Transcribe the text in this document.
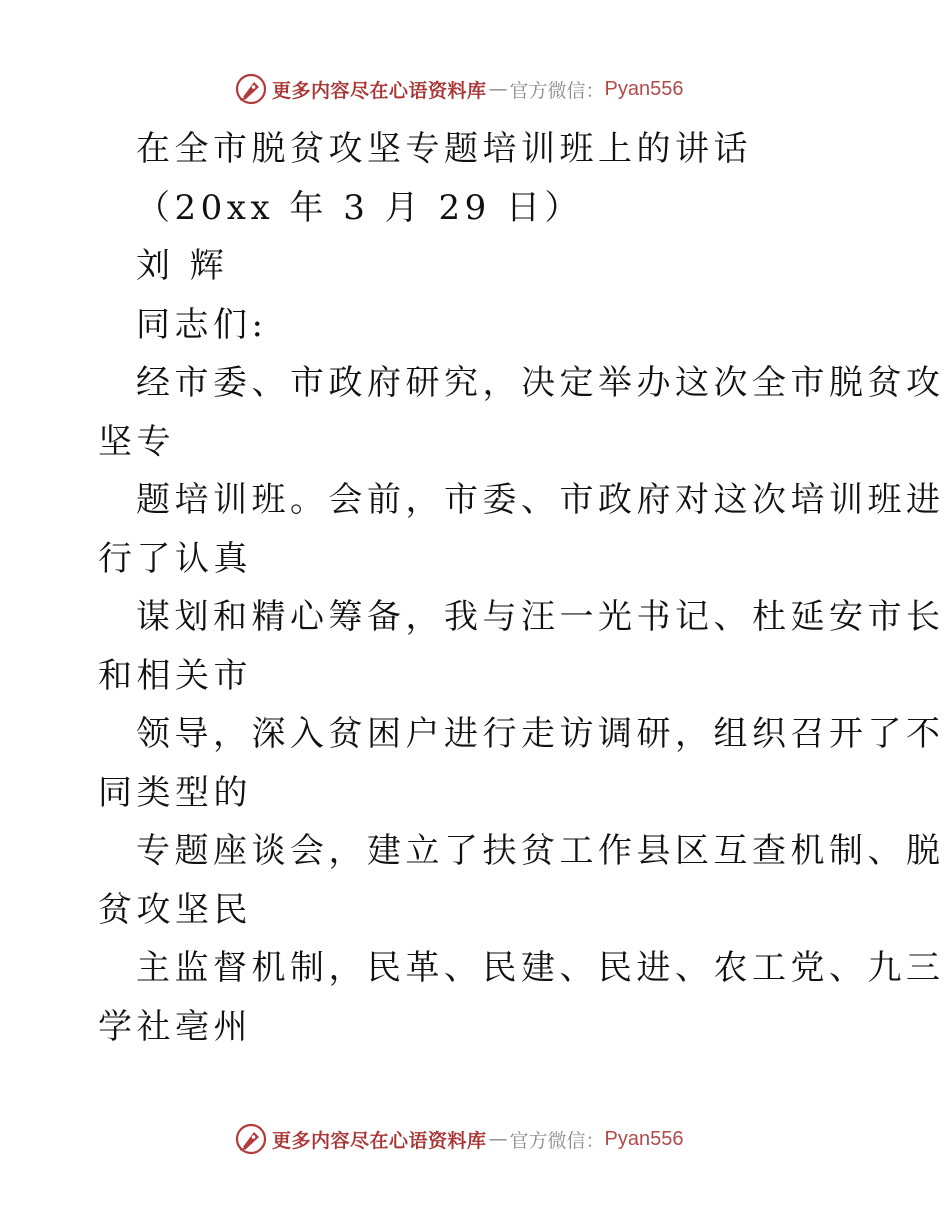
更多内容尽在心语资料库 — 官方微信： Pyan556
在全市脱贫攻坚专题培训班上的讲话
（20xx 年 3 月 29 日）
刘 辉
同志们:
经市委、市政府研究，决定举办这次全市脱贫攻
坚专
题培训班。会前，市委、市政府对这次培训班进
行了认真
谋划和精心筹备，我与汪一光书记、杜延安市长
和相关市
领导，深入贫困户进行走访调研，组织召开了不
同类型的
专题座谈会，建立了扶贫工作县区互查机制、脱
贫攻坚民
主监督机制，民革、民建、民进、农工党、九三
学社亳州
更多内容尽在心语资料库 — 官方微信： Pyan556
